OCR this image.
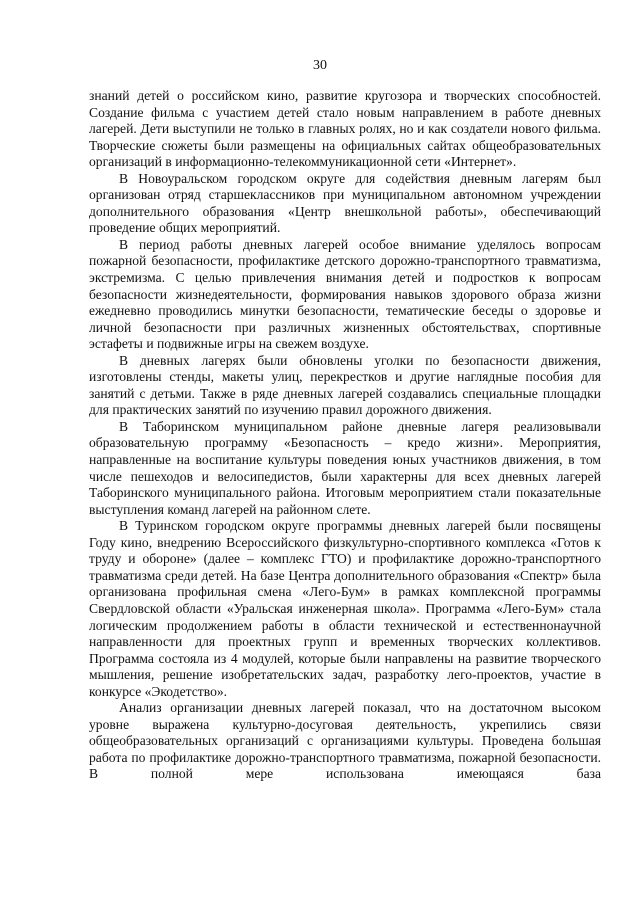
30

знаний детей о российском кино, развитие кругозора и творческих способностей. Создание фильма с участием детей стало новым направлением в работе дневных лагерей. Дети выступили не только в главных ролях, но и как создатели нового фильма. Творческие сюжеты были размещены на официальных сайтах общеобразовательных организаций в информационно-телекоммуникационной сети «Интернет».

В Новоуральском городском округе для содействия дневным лагерям был организован отряд старшеклассников при муниципальном автономном учреждении дополнительного образования «Центр внешкольной работы», обеспечивающий проведение общих мероприятий.

В период работы дневных лагерей особое внимание уделялось вопросам пожарной безопасности, профилактике детского дорожно-транспортного травматизма, экстремизма. С целью привлечения внимания детей и подростков к вопросам безопасности жизнедеятельности, формирования навыков здорового образа жизни ежедневно проводились минутки безопасности, тематические беседы о здоровье и личной безопасности при различных жизненных обстоятельствах, спортивные эстафеты и подвижные игры на свежем воздухе.

В дневных лагерях были обновлены уголки по безопасности движения, изготовлены стенды, макеты улиц, перекрестков и другие наглядные пособия для занятий с детьми. Также в ряде дневных лагерей создавались специальные площадки для практических занятий по изучению правил дорожного движения.

В Таборинском муниципальном районе дневные лагеря реализовывали образовательную программу «Безопасность – кредо жизни». Мероприятия, направленные на воспитание культуры поведения юных участников движения, в том числе пешеходов и велосипедистов, были характерны для всех дневных лагерей Таборинского муниципального района. Итоговым мероприятием стали показательные выступления команд лагерей на районном слете.

В Туринском городском округе программы дневных лагерей были посвящены Году кино, внедрению Всероссийского физкультурно-спортивного комплекса «Готов к труду и обороне» (далее – комплекс ГТО) и профилактике дорожно-транспортного травматизма среди детей. На базе Центра дополнительного образования «Спектр» была организована профильная смена «Лего-Бум» в рамках комплексной программы Свердловской области «Уральская инженерная школа». Программа «Лего-Бум» стала логическим продолжением работы в области технической и естественнонаучной направленности для проектных групп и временных творческих коллективов. Программа состояла из 4 модулей, которые были направлены на развитие творческого мышления, решение изобретательских задач, разработку лего-проектов, участие в конкурсе «Экодетство».

Анализ организации дневных лагерей показал, что на достаточном высоком уровне выражена культурно-досуговая деятельность, укрепились связи общеобразовательных организаций с организациями культуры. Проведена большая работа по профилактике дорожно-транспортного травматизма, пожарной безопасности. В полной мере использована имеющаяся база
